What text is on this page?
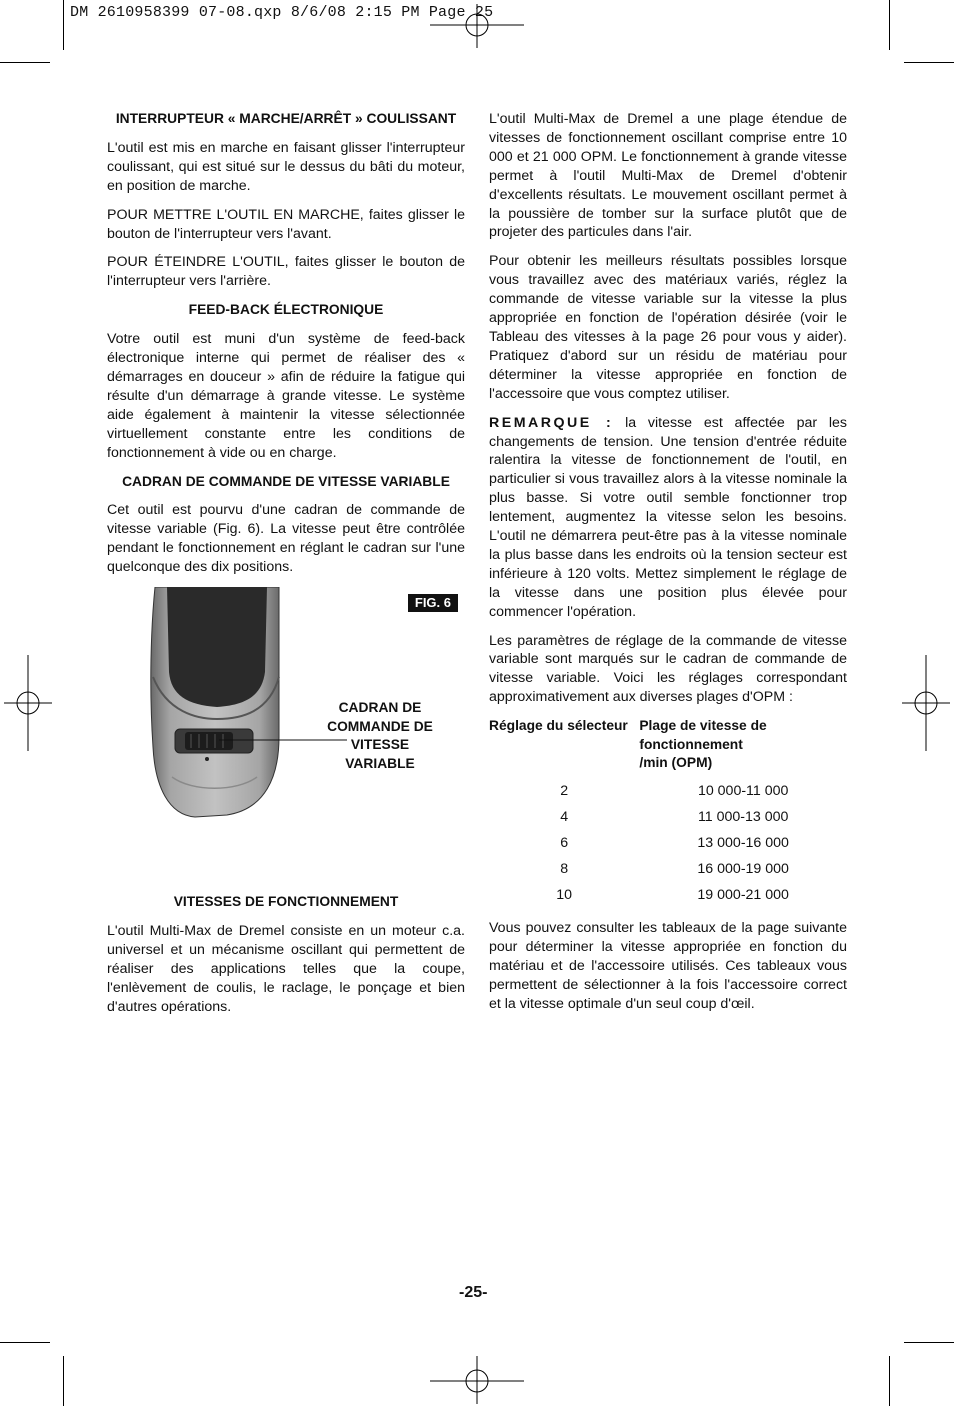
DM 2610958399 07-08.qxp 8/6/08 2:15 PM Page 25

INTERRUPTEUR « MARCHE/ARRÊT » COULISSANT

L'outil est mis en marche en faisant glisser l'interrupteur coulissant, qui est situé sur le dessus du bâti du moteur, en position de marche.

POUR METTRE L'OUTIL EN MARCHE, faites glisser le bouton de l'interrupteur vers l'avant.

POUR ÉTEINDRE L'OUTIL, faites glisser le bouton de l'interrupteur vers l'arrière.

FEED-BACK ÉLECTRONIQUE

Votre outil est muni d'un système de feed-back électronique interne qui permet de réaliser des « démarrages en douceur » afin de réduire la fatigue qui résulte d'un démarrage à grande vitesse. Le système aide également à maintenir la vitesse sélectionnée virtuellement constante entre les conditions de fonctionnement à vide ou en charge.

CADRAN DE COMMANDE DE VITESSE VARIABLE

Cet outil est pourvu d'une cadran de commande de vitesse variable (Fig. 6). La vitesse peut être contrôlée pendant le fonctionnement en réglant le cadran sur l'une quelconque des dix positions.

FIG. 6
CADRAN DE COMMANDE DE VITESSE VARIABLE

VITESSES DE FONCTIONNEMENT

L'outil Multi-Max de Dremel consiste en un moteur c.a. universel et un mécanisme oscillant qui permettent de réaliser des applications telles que la coupe, l'enlèvement de coulis, le raclage, le ponçage et bien d'autres opérations.

L'outil Multi-Max de Dremel a une plage étendue de vitesses de fonctionnement oscillant comprise entre 10 000 et 21 000 OPM. Le fonctionnement à grande vitesse permet à l'outil Multi-Max de Dremel d'obtenir d'excellents résultats. Le mouvement oscillant permet à la poussière de tomber sur la surface plutôt que de projeter des particules dans l'air.

Pour obtenir les meilleurs résultats possibles lorsque vous travaillez avec des matériaux variés, réglez la commande de vitesse variable sur la vitesse la plus appropriée en fonction de l'opération désirée (voir le Tableau des vitesses à la page 26 pour vous y aider). Pratiquez d'abord sur un résidu de matériau pour déterminer la vitesse appropriée en fonction de l'accessoire que vous comptez utiliser.

REMARQUE : la vitesse est affectée par les changements de tension. Une tension d'entrée réduite ralentira la vitesse de fonctionnement de l'outil, en particulier si vous travaillez alors à la vitesse nominale la plus basse. Si votre outil semble fonctionner trop lentement, augmentez la vitesse selon les besoins. L'outil ne démarrera peut-être pas à la vitesse nominale la plus basse dans les endroits où la tension secteur est inférieure à 120 volts. Mettez simplement le réglage de la vitesse dans une position plus élevée pour commencer l'opération.

Les paramètres de réglage de la commande de vitesse variable sont marqués sur le cadran de commande de vitesse variable. Voici les réglages correspondant approximativement aux diverses plages d'OPM :

Réglage du sélecteur	Plage de vitesse de
fonctionnement
/min (OPM)

2	10 000-11 000
4	11 000-13 000
6	13 000-16 000
8	16 000-19 000
10	19 000-21 000

Vous pouvez consulter les tableaux de la page suivante pour déterminer la vitesse appropriée en fonction du matériau et de l'accessoire utilisés. Ces tableaux vous permettent de sélectionner à la fois l'accessoire correct et la vitesse optimale d'un seul coup d'œil.

-25-
